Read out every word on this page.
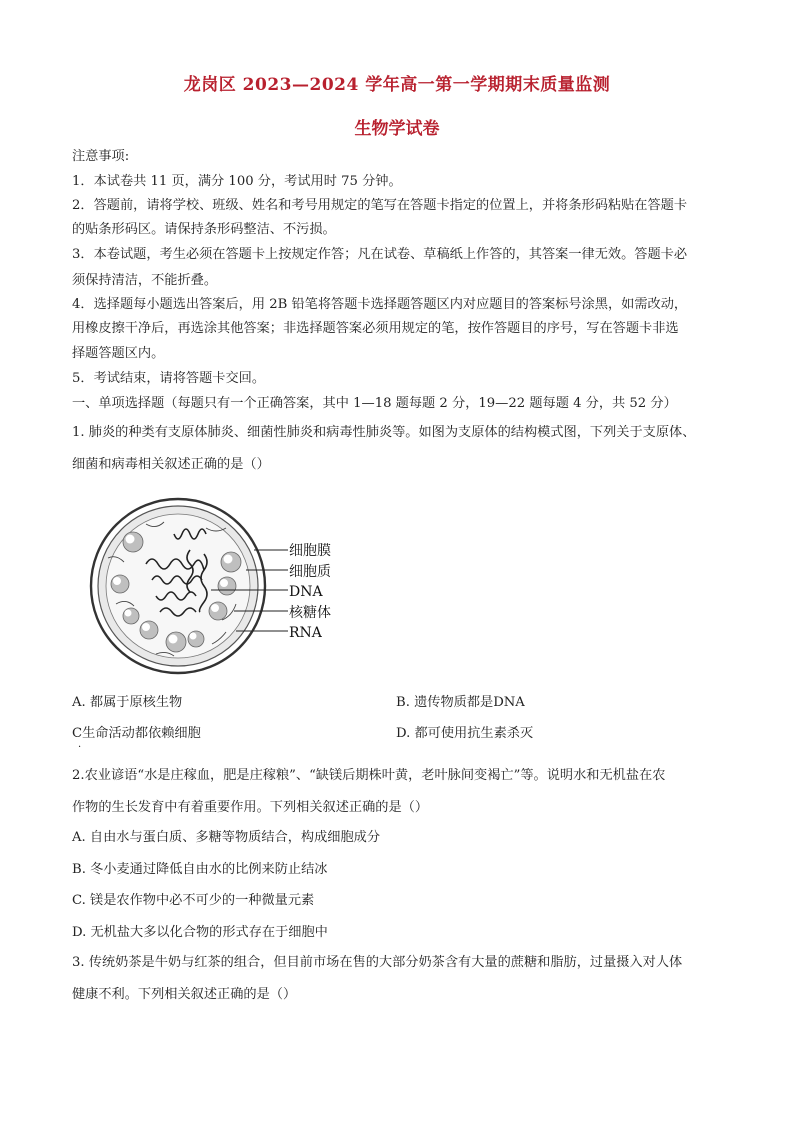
龙岗区 2023—2024 学年高一第一学期期末质量监测
生物学试卷
注意事项:
1．本试卷共 11 页，满分 100 分，考试用时 75 分钟。
2．答题前，请将学校、班级、姓名和考号用规定的笔写在答题卡指定的位置上，并将条形码粘贴在答题卡
的贴条形码区。请保持条形码整洁、不污损。
3．本卷试题，考生必须在答题卡上按规定作答；凡在试卷、草稿纸上作答的，其答案一律无效。答题卡必
须保持清洁，不能折叠。
4．选择题每小题选出答案后，用 2B 铅笔将答题卡选择题答题区内对应题目的答案标号涂黑，如需改动，
用橡皮擦干净后，再选涂其他答案；非选择题答案必须用规定的笔，按作答题目的序号，写在答题卡非选
择题答题区内。
5．考试结束，请将答题卡交回。
一、单项选择题（每题只有一个正确答案，其中 1—18 题每题 2 分，19—22 题每题 4 分，共 52 分）
1. 肺炎的种类有支原体肺炎、细菌性肺炎和病毒性肺炎等。如图为支原体的结构模式图，下列关于支原体、
细菌和病毒相关叙述正确的是（）
细胞膜
细胞质
DNA
核糖体
RNA
A. 都属于原核生物	B. 遗传物质都是DNA
C生命活动都依赖细胞	D. 都可使用抗生素杀灭
·
2.农业谚语“水是庄稼血，肥是庄稼粮”、“缺镁后期株叶黄，老叶脉间变褐亡”等。说明水和无机盐在农
作物的生长发育中有着重要作用。下列相关叙述正确的是（）
A. 自由水与蛋白质、多糖等物质结合，构成细胞成分
B. 冬小麦通过降低自由水的比例来防止结冰
C. 镁是农作物中必不可少的一种微量元素
D. 无机盐大多以化合物的形式存在于细胞中
3. 传统奶茶是牛奶与红茶的组合，但目前市场在售的大部分奶茶含有大量的蔗糖和脂肪，过量摄入对人体
健康不利。下列相关叙述正确的是（）
